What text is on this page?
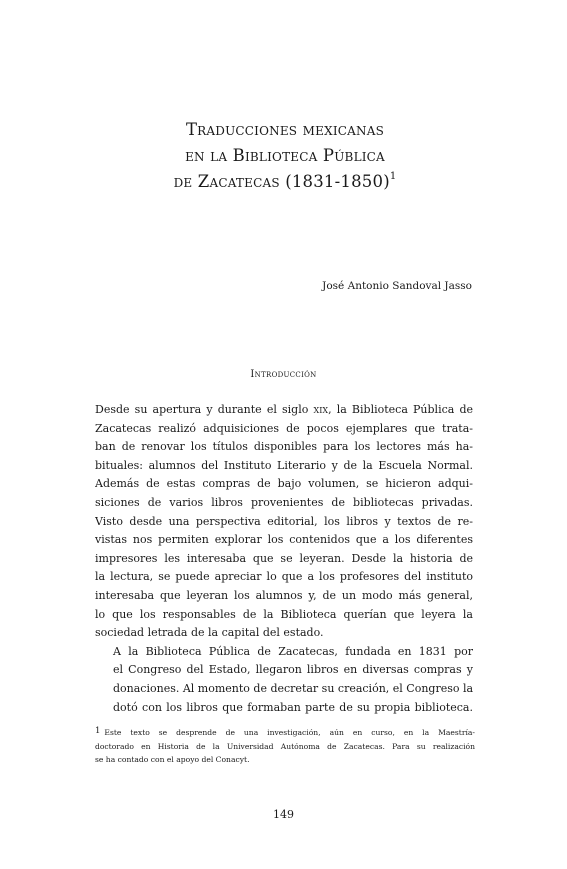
Traducciones mexicanas
en la Biblioteca Pública
de Zacatecas (1831-1850)$^1$
José Antonio Sandoval Jasso
Introducción

Desde su apertura y durante el siglo xix, la Biblioteca Pública de
Zacatecas realizó adquisiciones de pocos ejemplares que trata-
ban de renovar los títulos disponibles para los lectores más ha-
bituales: alumnos del Instituto Literario y de la Escuela Normal.
Además de estas compras de bajo volumen, se hicieron adqui-
siciones de varios libros provenientes de bibliotecas privadas.
Visto desde una perspectiva editorial, los libros y textos de re-
vistas nos permiten explorar los contenidos que a los diferentes
impresores les interesaba que se leyeran. Desde la historia de
la lectura, se puede apreciar lo que a los profesores del instituto
interesaba que leyeran los alumnos y, de un modo más general,
lo que los responsables de la Biblioteca querían que leyera la
sociedad letrada de la capital del estado.

A la Biblioteca Pública de Zacatecas, fundada en 1831 por
el Congreso del Estado, llegaron libros en diversas compras y
donaciones. Al momento de decretar su creación, el Congreso la
dotó con los libros que formaban parte de su propia biblioteca.

$^1$ Este texto se desprende de una investigación, aún en curso, en la Maestría-
doctorado en Historia de la Universidad Autónoma de Zacatecas. Para su realización
se ha contado con el apoyo del Conacyt.
149
